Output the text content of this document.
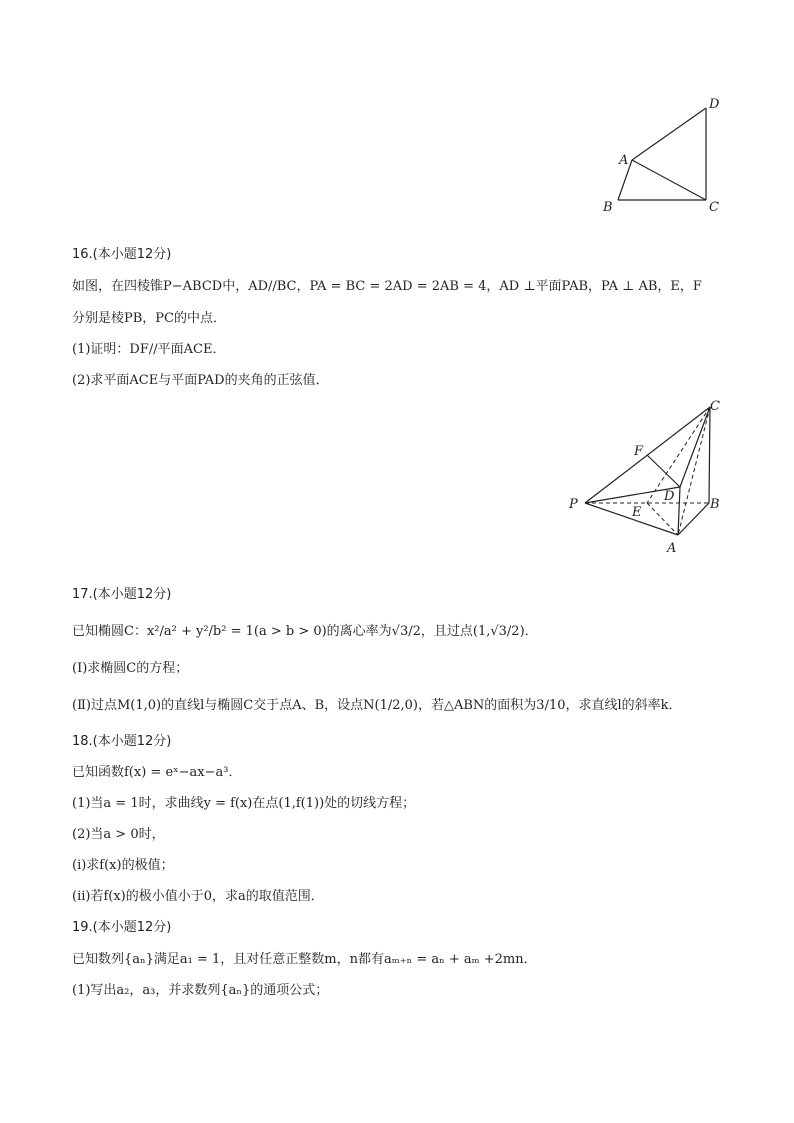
A
B	C
D
16.(本小题12分)
如图，在四棱锥P−ABCD中，AD//BC，PA = BC = 2AD = 2AB = 4，AD ⊥平面PAB，PA ⊥ AB，E，F
分别是棱PB，PC的中点．
(1)证明：DF//平面ACE．
(2)求平面ACE与平面PAD的夹角的正弦值．
P
A
B
C
D
E
F
17.(本小题12分)
已知椭圆C：x²/a² + y²/b² = 1(a > b > 0)的离心率为√3/2，且过点(1,√3/2)．
(Ⅰ)求椭圆C的方程；
(Ⅱ)过点M(1,0)的直线l与椭圆C交于点A、B，设点N(1/2,0)，若△ABN的面积为3/10，求直线l的斜率k．
18.(本小题12分)
已知函数f(x) = eˣ−ax−a³．
(1)当a = 1时，求曲线y = f(x)在点(1,f(1))处的切线方程；
(2)当a > 0时，
(ⅰ)求f(x)的极值；
(ⅱ)若f(x)的极小值小于0，求a的取值范围．
19.(本小题12分)
已知数列{aₙ}满足a₁ = 1，且对任意正整数m，n都有aₘ₊ₙ = aₙ + aₘ +2mn．
(1)写出a₂，a₃，并求数列{aₙ}的通项公式；
